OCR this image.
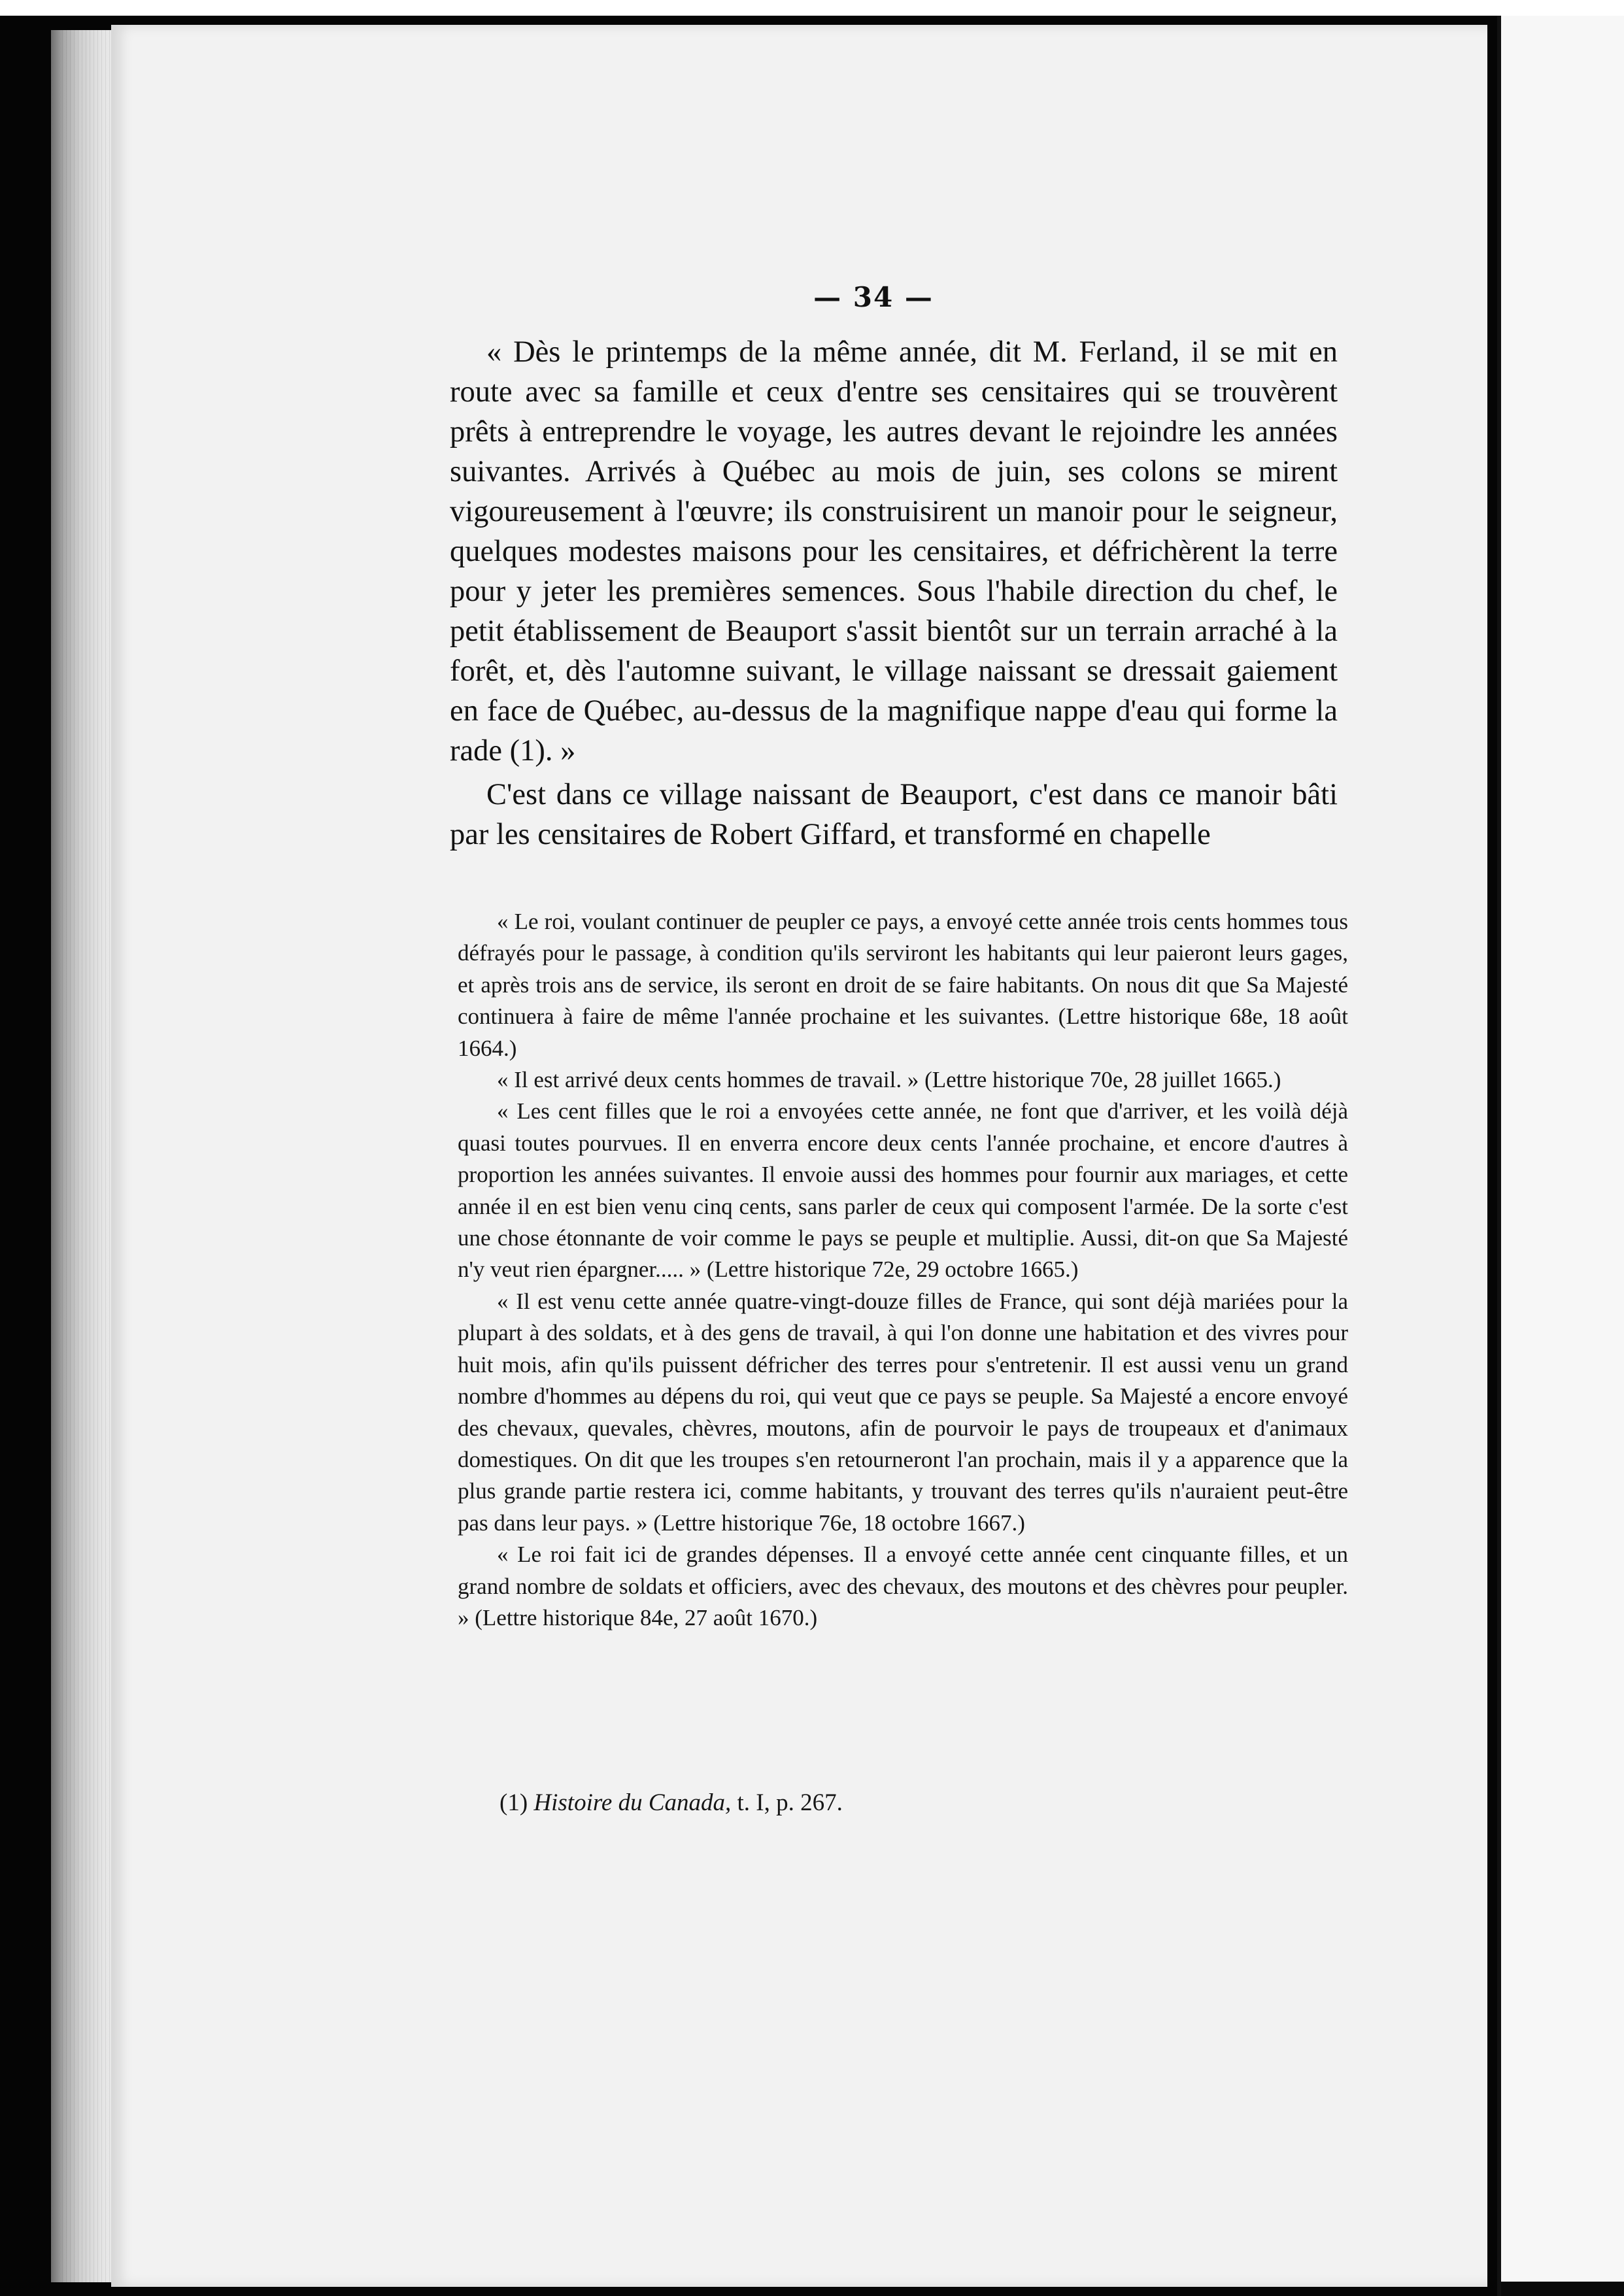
— 34 —

« Dès le printemps de la même année, dit M. Ferland, il se mit en route avec sa famille et ceux d'entre ses censitaires qui se trouvèrent prêts à entreprendre le voyage, les autres devant le rejoindre les années suivantes. Arrivés à Québec au mois de juin, ses colons se mirent vigoureusement à l'œuvre; ils construisirent un manoir pour le seigneur, quelques modestes maisons pour les censitaires, et défrichèrent la terre pour y jeter les premières semences. Sous l'habile direction du chef, le petit établissement de Beauport s'assit bientôt sur un terrain arraché à la forêt, et, dès l'automne suivant, le village naissant se dressait gaiement en face de Québec, au-dessus de la magnifique nappe d'eau qui forme la rade (1). »

C'est dans ce village naissant de Beauport, c'est dans ce manoir bâti par les censitaires de Robert Giffard, et transformé en chapelle

« Le roi, voulant continuer de peupler ce pays, a envoyé cette année trois cents hommes tous défrayés pour le passage, à condition qu'ils serviront les habitants qui leur paieront leurs gages, et après trois ans de service, ils seront en droit de se faire habitants. On nous dit que Sa Majesté continuera à faire de même l'année prochaine et les suivantes. (Lettre historique 68e, 18 août 1664.)

« Il est arrivé deux cents hommes de travail. » (Lettre historique 70e, 28 juillet 1665.)

« Les cent filles que le roi a envoyées cette année, ne font que d'arriver, et les voilà déjà quasi toutes pourvues. Il en enverra encore deux cents l'année prochaine, et encore d'autres à proportion les années suivantes. Il envoie aussi des hommes pour fournir aux mariages, et cette année il en est bien venu cinq cents, sans parler de ceux qui composent l'armée. De la sorte c'est une chose étonnante de voir comme le pays se peuple et multiplie. Aussi, dit-on que Sa Majesté n'y veut rien épargner..... » (Lettre historique 72e, 29 octobre 1665.)

« Il est venu cette année quatre-vingt-douze filles de France, qui sont déjà mariées pour la plupart à des soldats, et à des gens de travail, à qui l'on donne une habitation et des vivres pour huit mois, afin qu'ils puissent défricher des terres pour s'entretenir. Il est aussi venu un grand nombre d'hommes au dépens du roi, qui veut que ce pays se peuple. Sa Majesté a encore envoyé des chevaux, quevales, chèvres, moutons, afin de pourvoir le pays de troupeaux et d'animaux domestiques. On dit que les troupes s'en retourneront l'an prochain, mais il y a apparence que la plus grande partie restera ici, comme habitants, y trouvant des terres qu'ils n'auraient peut-être pas dans leur pays. » (Lettre historique 76e, 18 octobre 1667.)

« Le roi fait ici de grandes dépenses. Il a envoyé cette année cent cinquante filles, et un grand nombre de soldats et officiers, avec des chevaux, des moutons et des chèvres pour peupler. » (Lettre historique 84e, 27 août 1670.)

(1) Histoire du Canada, t. I, p. 267.
